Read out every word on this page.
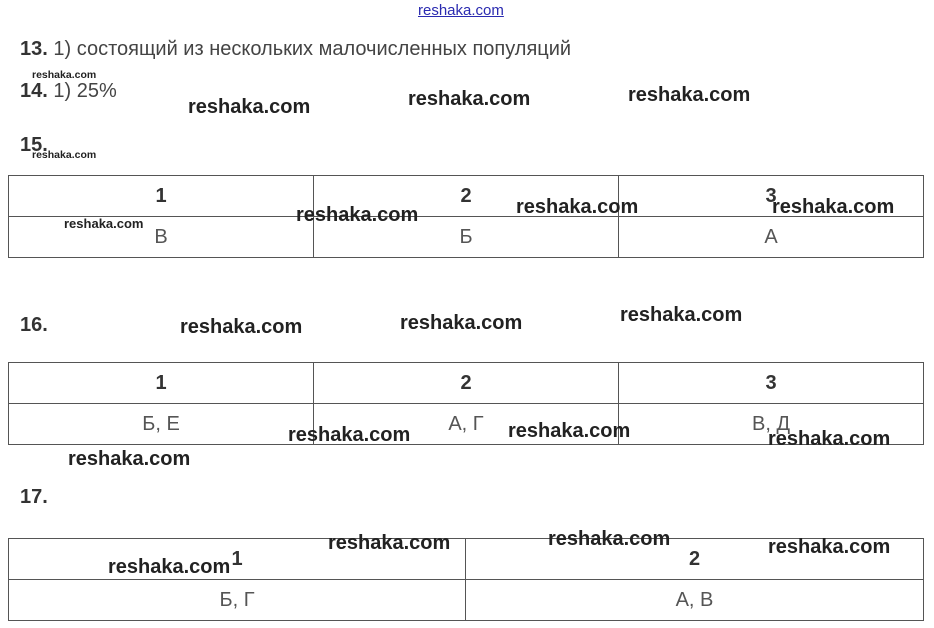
reshaka.com
13. 1) состоящий из нескольких малочисленных популяций
14. 1) 25%
15.
1	2	3
В	Б	А
16.
1	2	3
Б, Е	А, Г	В, Д
17.
1	2
Б, Г	А, В
reshaka.com
reshaka.com	reshaka.com	reshaka.com
reshaka.com
reshaka.com	reshaka.com	reshaka.com	reshaka.com
reshaka.com	reshaka.com	reshaka.com
reshaka.com	reshaka.com	reshaka.com
reshaka.com
reshaka.com	reshaka.com	reshaka.com
reshaka.com
